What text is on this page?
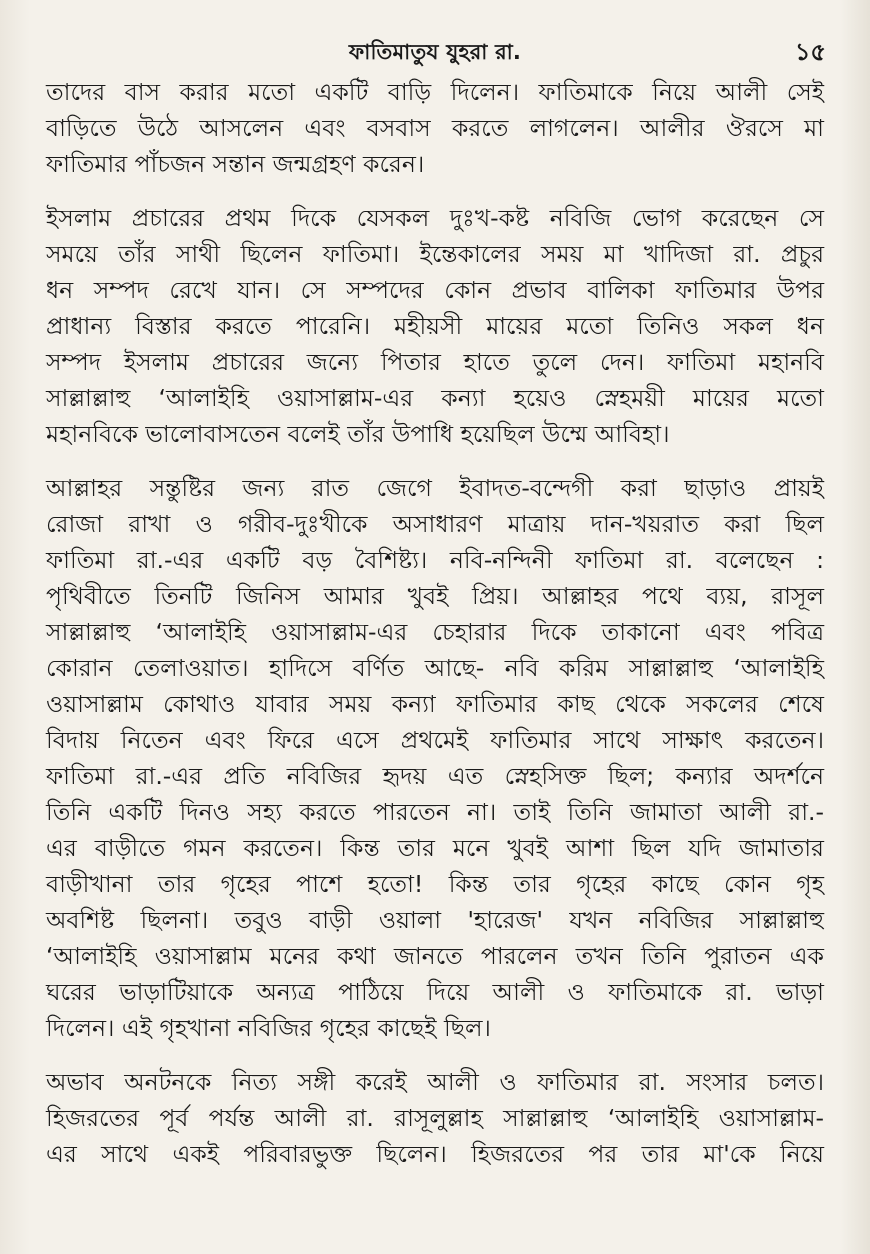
ফাতিমাতুয যুহরা রা.	১৫
তাদের বাস করার মতো একটি বাড়ি দিলেন। ফাতিমাকে নিয়ে আলী সেই
বাড়িতে উঠে আসলেন এবং বসবাস করতে লাগলেন। আলীর ঔরসে মা
ফাতিমার পাঁচজন সন্তান জন্মগ্রহণ করেন।
ইসলাম প্রচারের প্রথম দিকে যেসকল দুঃখ-কষ্ট নবিজি ভোগ করেছেন সে
সময়ে তাঁর সাথী ছিলেন ফাতিমা। ইন্তেকালের সময় মা খাদিজা রা. প্রচুর
ধন সম্পদ রেখে যান। সে সম্পদের কোন প্রভাব বালিকা ফাতিমার উপর
প্রাধান্য বিস্তার করতে পারেনি। মহীয়সী মায়ের মতো তিনিও সকল ধন
সম্পদ ইসলাম প্রচারের জন্যে পিতার হাতে তুলে দেন। ফাতিমা মহানবি
সাল্লাল্লাহু ‘আলাইহি ওয়াসাল্লাম-এর কন্যা হয়েও স্নেহময়ী মায়ের মতো
মহানবিকে ভালোবাসতেন বলেই তাঁর উপাধি হয়েছিল উম্মে আবিহা।
আল্লাহর সন্তুষ্টির জন্য রাত জেগে ইবাদত-বন্দেগী করা ছাড়াও প্রায়ই
রোজা রাখা ও গরীব-দুঃখীকে অসাধারণ মাত্রায় দান-খয়রাত করা ছিল
ফাতিমা রা.-এর একটি বড় বৈশিষ্ট্য। নবি-নন্দিনী ফাতিমা রা. বলেছেন :
পৃথিবীতে তিনটি জিনিস আমার খুবই প্রিয়। আল্লাহর পথে ব্যয়, রাসূল
সাল্লাল্লাহু ‘আলাইহি ওয়াসাল্লাম-এর চেহারার দিকে তাকানো এবং পবিত্র
কোরান তেলাওয়াত। হাদিসে বর্ণিত আছে- নবি করিম সাল্লাল্লাহু ‘আলাইহি
ওয়াসাল্লাম কোথাও যাবার সময় কন্যা ফাতিমার কাছ থেকে সকলের শেষে
বিদায় নিতেন এবং ফিরে এসে প্রথমেই ফাতিমার সাথে সাক্ষাৎ করতেন।
ফাতিমা রা.-এর প্রতি নবিজির হৃদয় এত স্নেহসিক্ত ছিল; কন্যার অদর্শনে
তিনি একটি দিনও সহ্য করতে পারতেন না। তাই তিনি জামাতা আলী রা.-
এর বাড়ীতে গমন করতেন। কিন্ত তার মনে খুবই আশা ছিল যদি জামাতার
বাড়ীখানা তার গৃহের পাশে হতো! কিন্ত তার গৃহের কাছে কোন গৃহ
অবশিষ্ট ছিলনা। তবুও বাড়ী ওয়ালা 'হারেজ' যখন নবিজির সাল্লাল্লাহু
‘আলাইহি ওয়াসাল্লাম মনের কথা জানতে পারলেন তখন তিনি পুরাতন এক
ঘরের ভাড়াটিয়াকে অন্যত্র পাঠিয়ে দিয়ে আলী ও ফাতিমাকে রা. ভাড়া
দিলেন। এই গৃহখানা নবিজির গৃহের কাছেই ছিল।
অভাব অনটনকে নিত্য সঙ্গী করেই আলী ও ফাতিমার রা. সংসার চলত।
হিজরতের পূর্ব পর্যন্ত আলী রা. রাসূলুল্লাহ সাল্লাল্লাহু ‘আলাইহি ওয়াসাল্লাম-
এর সাথে একই পরিবারভুক্ত ছিলেন। হিজরতের পর তার মা'কে নিয়ে
